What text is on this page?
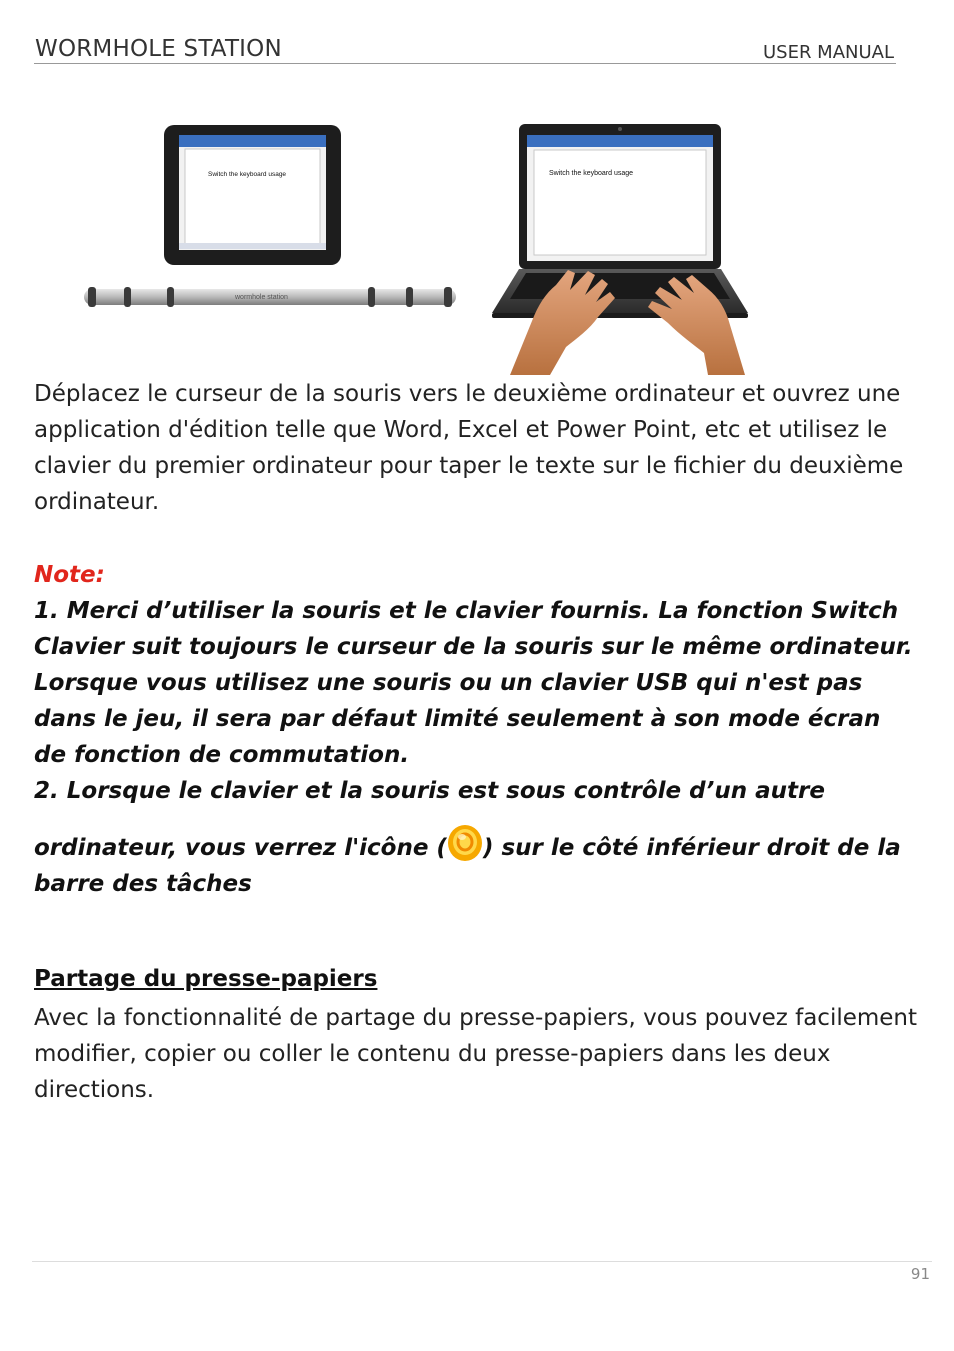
WORMHOLE STATION	USER MANUAL
Switch the keyboard usage
wormhole station
Switch the keyboard usage
Déplacez le curseur de la souris vers le deuxième ordinateur et ouvrez une application d'édition telle que Word, Excel et Power Point, etc et utilisez le clavier du premier ordinateur pour taper le texte sur le fichier du deuxième ordinateur.
Note:
1. Merci d’utiliser la souris et le clavier fournis. La fonction Switch Clavier suit toujours le curseur de la souris sur le même ordinateur. Lorsque vous utilisez une souris ou un clavier USB qui n'est pas dans le jeu, il sera par défaut limité seulement à son mode écran de fonction de commutation.
2. Lorsque le clavier et la souris est sous contrôle d’un autre
ordinateur, vous verrez l'icône ( ) sur le côté inférieur droit de la barre des tâches
Partage du presse-papiers
Avec la fonctionnalité de partage du presse-papiers, vous pouvez facilement modifier, copier ou coller le contenu du presse-papiers dans les deux directions.
91
